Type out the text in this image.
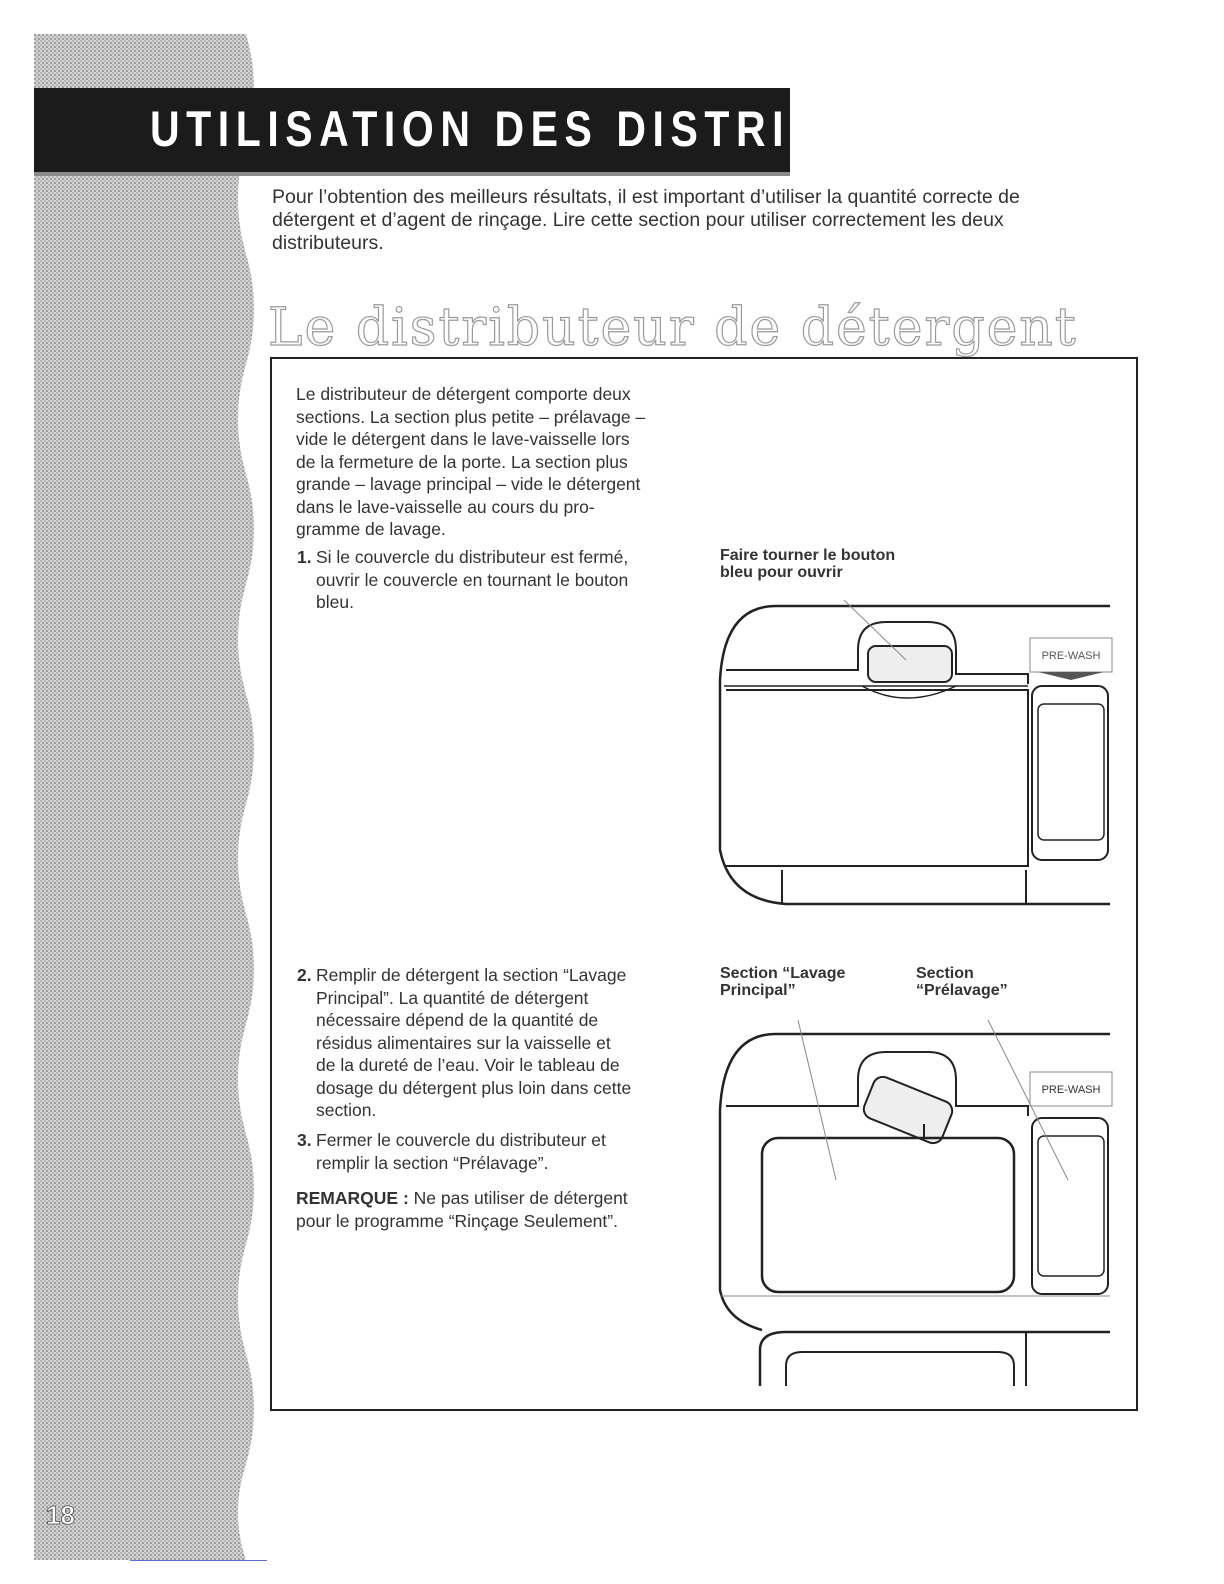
UTILISATION DES DISTRIBUTEURS

Pour l’obtention des meilleurs résultats, il est important d’utiliser la quantité correcte de
détergent et d’agent de rinçage. Lire cette section pour utiliser correctement les deux
distributeurs.

Le distributeur de détergent

Le distributeur de détergent comporte deux
sections. La section plus petite – prélavage –
vide le détergent dans le lave-vaisselle lors
de la fermeture de la porte. La section plus
grande – lavage principal – vide le détergent
dans le lave-vaisselle au cours du pro-
gramme de lavage.

1. Si le couvercle du distributeur est fermé,
ouvrir le couvercle en tournant le bouton
bleu.
2. Remplir de détergent la section “Lavage
Principal”. La quantité de détergent
nécessaire dépend de la quantité de
résidus alimentaires sur la vaisselle et
de la dureté de l’eau. Voir le tableau de
dosage du détergent plus loin dans cette
section.
3. Fermer le couvercle du distributeur et
remplir la section “Prélavage”.

REMARQUE : Ne pas utiliser de détergent
pour le programme “Rinçage Seulement”.

Faire tourner le bouton
bleu pour ouvrir
PRE-WASH
Section “Lavage
Principal”
Section
“Prélavage”
PRE-WASH
18
